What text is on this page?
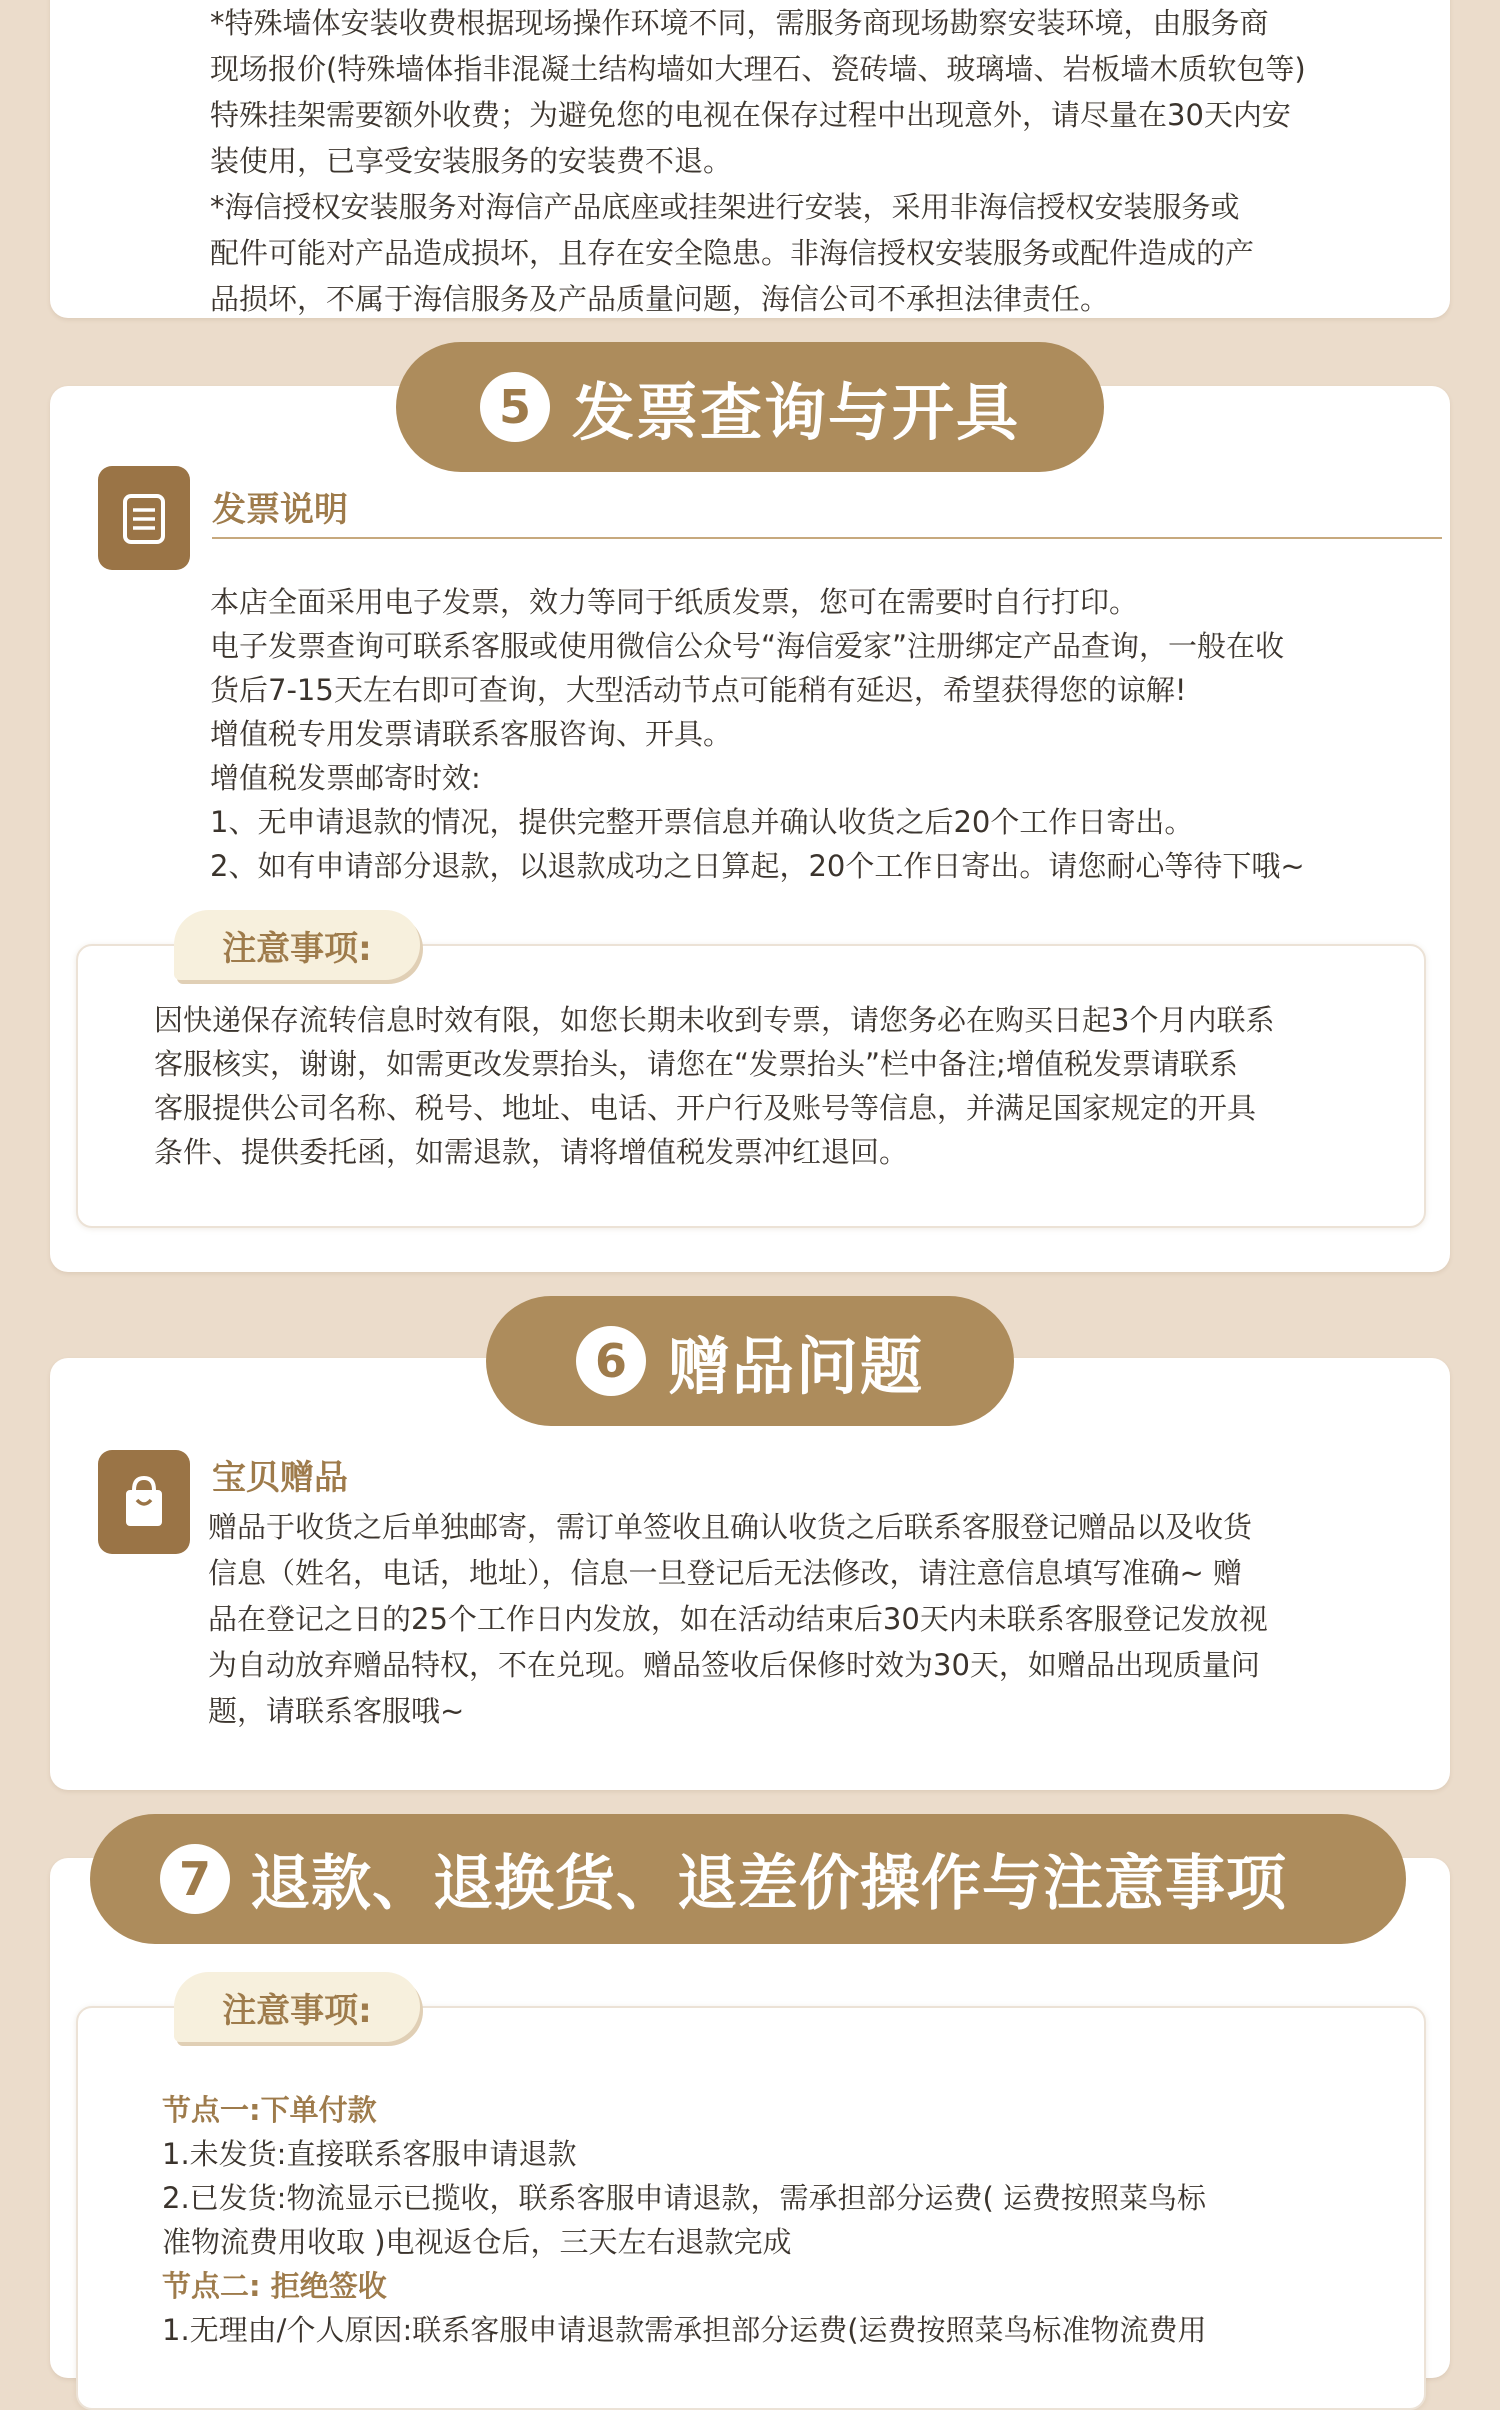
*特殊墙体安装收费根据现场操作环境不同，需服务商现场勘察安装环境，由服务商

现场报价(特殊墙体指非混凝土结构墙如大理石、瓷砖墙、玻璃墙、岩板墙木质软包等)

特殊挂架需要额外收费；为避免您的电视在保存过程中出现意外，请尽量在30天内安

装使用，已享受安装服务的安装费不退。

*海信授权安装服务对海信产品底座或挂架进行安装，采用非海信授权安装服务或

配件可能对产品造成损坏，且存在安全隐患。非海信授权安装服务或配件造成的产

品损坏，不属于海信服务及产品质量问题，海信公司不承担法律责任。

发票说明

本店全面采用电子发票，效力等同于纸质发票，您可在需要时自行打印。

电子发票查询可联系客服或使用微信公众号“海信爱家”注册绑定产品查询，一般在收

货后7-15天左右即可查询，大型活动节点可能稍有延迟，希望获得您的谅解!

增值税专用发票请联系客服咨询、开具。

增值税发票邮寄时效:

1、无申请退款的情况，提供完整开票信息并确认收货之后20个工作日寄出。

2、如有申请部分退款，以退款成功之日算起，20个工作日寄出。请您耐心等待下哦~

因快递保存流转信息时效有限，如您长期未收到专票，请您务必在购买日起3个月内联系

客服核实，谢谢，如需更改发票抬头，请您在“发票抬头”栏中备注;增值税发票请联系

客服提供公司名称、税号、地址、电话、开户行及账号等信息，并满足国家规定的开具

条件、提供委托函，如需退款，请将增值税发票冲红退回。

注意事项:
5 发票查询与开具
宝贝赠品

赠品于收货之后单独邮寄，需订单签收且确认收货之后联系客服登记赠品以及收货

信息（姓名，电话，地址），信息一旦登记后无法修改，请注意信息填写准确~ 赠

品在登记之日的25个工作日内发放，如在活动结束后30天内未联系客服登记发放视

为自动放弃赠品特权，不在兑现。赠品签收后保修时效为30天，如赠品出现质量问

题，请联系客服哦~

6 赠品问题

节点一:下单付款

1.未发货:直接联系客服申请退款

2.已发货:物流显示已揽收，联系客服申请退款，需承担部分运费( 运费按照菜鸟标

准物流费用收取 )电视返仓后，三天左右退款完成

节点二: 拒绝签收

1.无理由/个人原因:联系客服申请退款需承担部分运费(运费按照菜鸟标准物流费用

注意事项:
7 退款、退换货、退差价操作与注意事项
